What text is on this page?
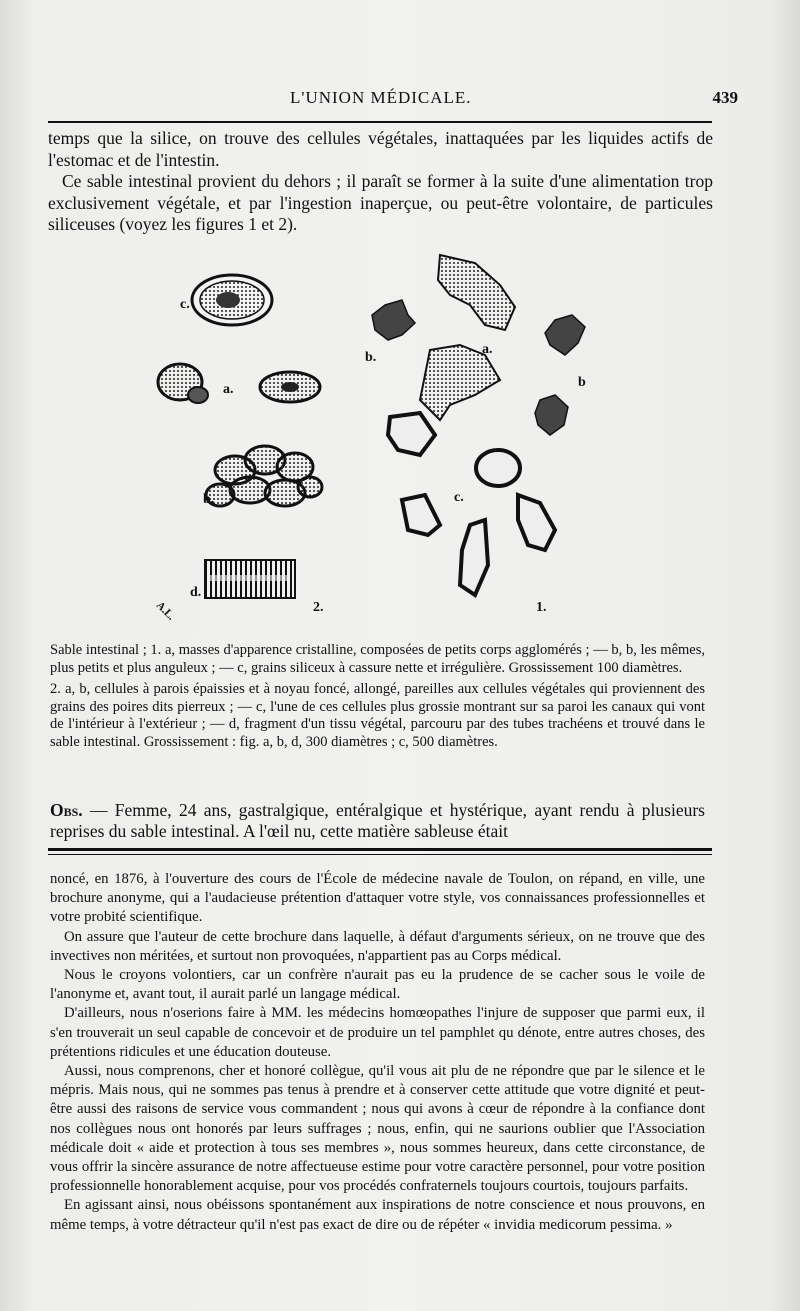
L'UNION MÉDICALE.	439

temps que la silice, on trouve des cellules végétales, inattaquées par les liquides actifs de l'estomac et de l'intestin.

Ce sable intestinal provient du dehors ; il paraît se former à la suite d'une alimentation trop exclusivement végétale, et par l'ingestion inaperçue, ou peut-être volontaire, de particules siliceuses (voyez les figures 1 et 2).

c.
a.
b.
d.
2.
A.L.
a.
b.
b
c.
1.

Sable intestinal ; 1. a, masses d'apparence cristalline, composées de petits corps agglomérés ; — b, b, les mêmes, plus petits et plus anguleux ; — c, grains siliceux à cassure nette et irrégulière. Grossissement 100 diamètres.

2. a, b, cellules à parois épaissies et à noyau foncé, allongé, pareilles aux cellules végétales qui proviennent des grains des poires dits pierreux ; — c, l'une de ces cellules plus grossie montrant sur sa paroi les canaux qui vont de l'intérieur à l'extérieur ; — d, fragment d'un tissu végétal, parcouru par des tubes trachéens et trouvé dans le sable intestinal. Grossissement : fig. a, b, d, 300 diamètres ; c, 500 diamètres.

Obs. — Femme, 24 ans, gastralgique, entéralgique et hystérique, ayant rendu à plusieurs reprises du sable intestinal. A l'œil nu, cette matière sableuse était

noncé, en 1876, à l'ouverture des cours de l'École de médecine navale de Toulon, on répand, en ville, une brochure anonyme, qui a l'audacieuse prétention d'attaquer votre style, vos connaissances professionnelles et votre probité scientifique.

On assure que l'auteur de cette brochure dans laquelle, à défaut d'arguments sérieux, on ne trouve que des invectives non méritées, et surtout non provoquées, n'appartient pas au Corps médical.

Nous le croyons volontiers, car un confrère n'aurait pas eu la prudence de se cacher sous le voile de l'anonyme et, avant tout, il aurait parlé un langage médical.

D'ailleurs, nous n'oserions faire à MM. les médecins homœopathes l'injure de supposer que parmi eux, il s'en trouverait un seul capable de concevoir et de produire un tel pamphlet qu dénote, entre autres choses, des prétentions ridicules et une éducation douteuse.

Aussi, nous comprenons, cher et honoré collègue, qu'il vous ait plu de ne répondre que par le silence et le mépris. Mais nous, qui ne sommes pas tenus à prendre et à conserver cette attitude que votre dignité et peut-être aussi des raisons de service vous commandent ; nous qui avons à cœur de répondre à la confiance dont nos collègues nous ont honorés par leurs suffrages ; nous, enfin, qui ne saurions oublier que l'Association médicale doit « aide et protection à tous ses membres », nous sommes heureux, dans cette circonstance, de vous offrir la sincère assurance de notre affectueuse estime pour votre caractère personnel, pour votre position professionnelle honorablement acquise, pour vos procédés confraternels toujours courtois, toujours parfaits.

En agissant ainsi, nous obéissons spontanément aux inspirations de notre conscience et nous prouvons, en même temps, à votre détracteur qu'il n'est pas exact de dire ou de répéter « invidia medicorum pessima. »
